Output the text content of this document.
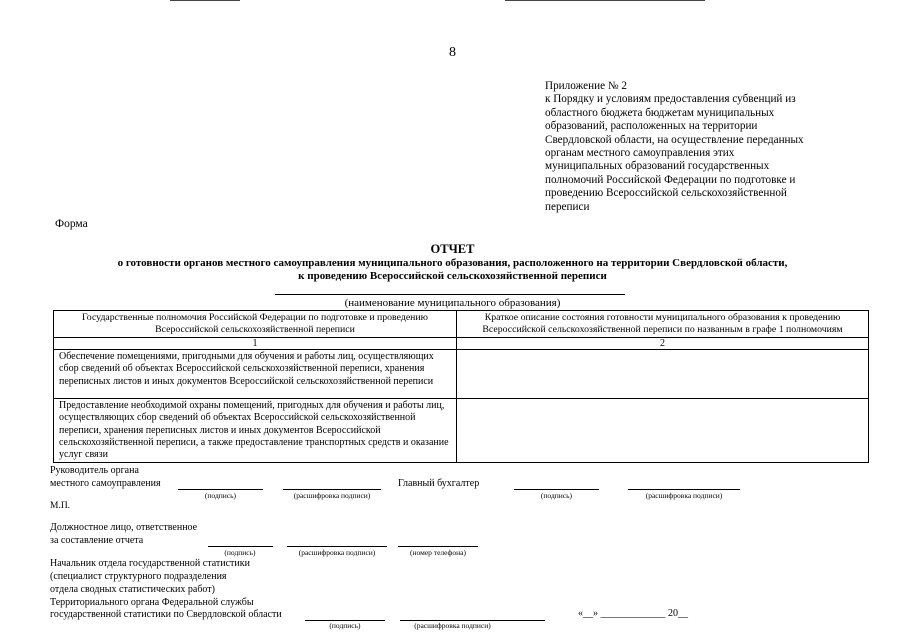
8
Приложение № 2
к Порядку и условиям предоставления субвенций из
областного бюджета бюджетам муниципальных
образований, расположенных на территории
Свердловской области, на осуществление переданных
органам местного самоуправления этих
муниципальных образований государственных
полномочий Российской Федерации по подготовке и
проведению Всероссийской сельскохозяйственной
переписи
Форма
ОТЧЕТ
о готовности органов местного самоуправления муниципального образования, расположенного на территории Свердловской области,
к проведению Всероссийской сельскохозяйственной переписи
(наименование муниципального образования)
Государственные полномочия Российской Федерации по подготовке и проведению Всероссийской сельскохозяйственной переписи	Краткое описание состояния готовности муниципального образования к проведению Всероссийской сельскохозяйственной переписи по названным в графе 1 полномочиям
1	2
Обеспечение помещениями, пригодными для обучения и работы лиц, осуществляющих сбор сведений об объектах Всероссийской сельскохозяйственной переписи, хранения переписных листов и иных документов Всероссийской сельскохозяйственной переписи	
Предоставление необходимой охраны помещений, пригодных для обучения и работы лиц, осуществляющих сбор сведений об объектах Всероссийской сельскохозяйственной переписи, хранения переписных листов и иных документов Всероссийской сельскохозяйственной переписи, а также предоставление транспортных средств и оказание услуг связи	
Руководитель органа
местного самоуправления
(подпись)	(расшифровка подписи)
Главный бухгалтер
(подпись)	(расшифровка подписи)
М.П.
Должностное лицо, ответственное
за составление отчета
(подпись)	(расшифровка подписи)	(номер телефона)
Начальник отдела государственной статистики
(специалист структурного подразделения
отдела сводных статистических работ)
Территориального органа Федеральной службы
государственной статистики по Свердловской области
(подпись)	(расшифровка подписи)
«__» _____________ 20__
